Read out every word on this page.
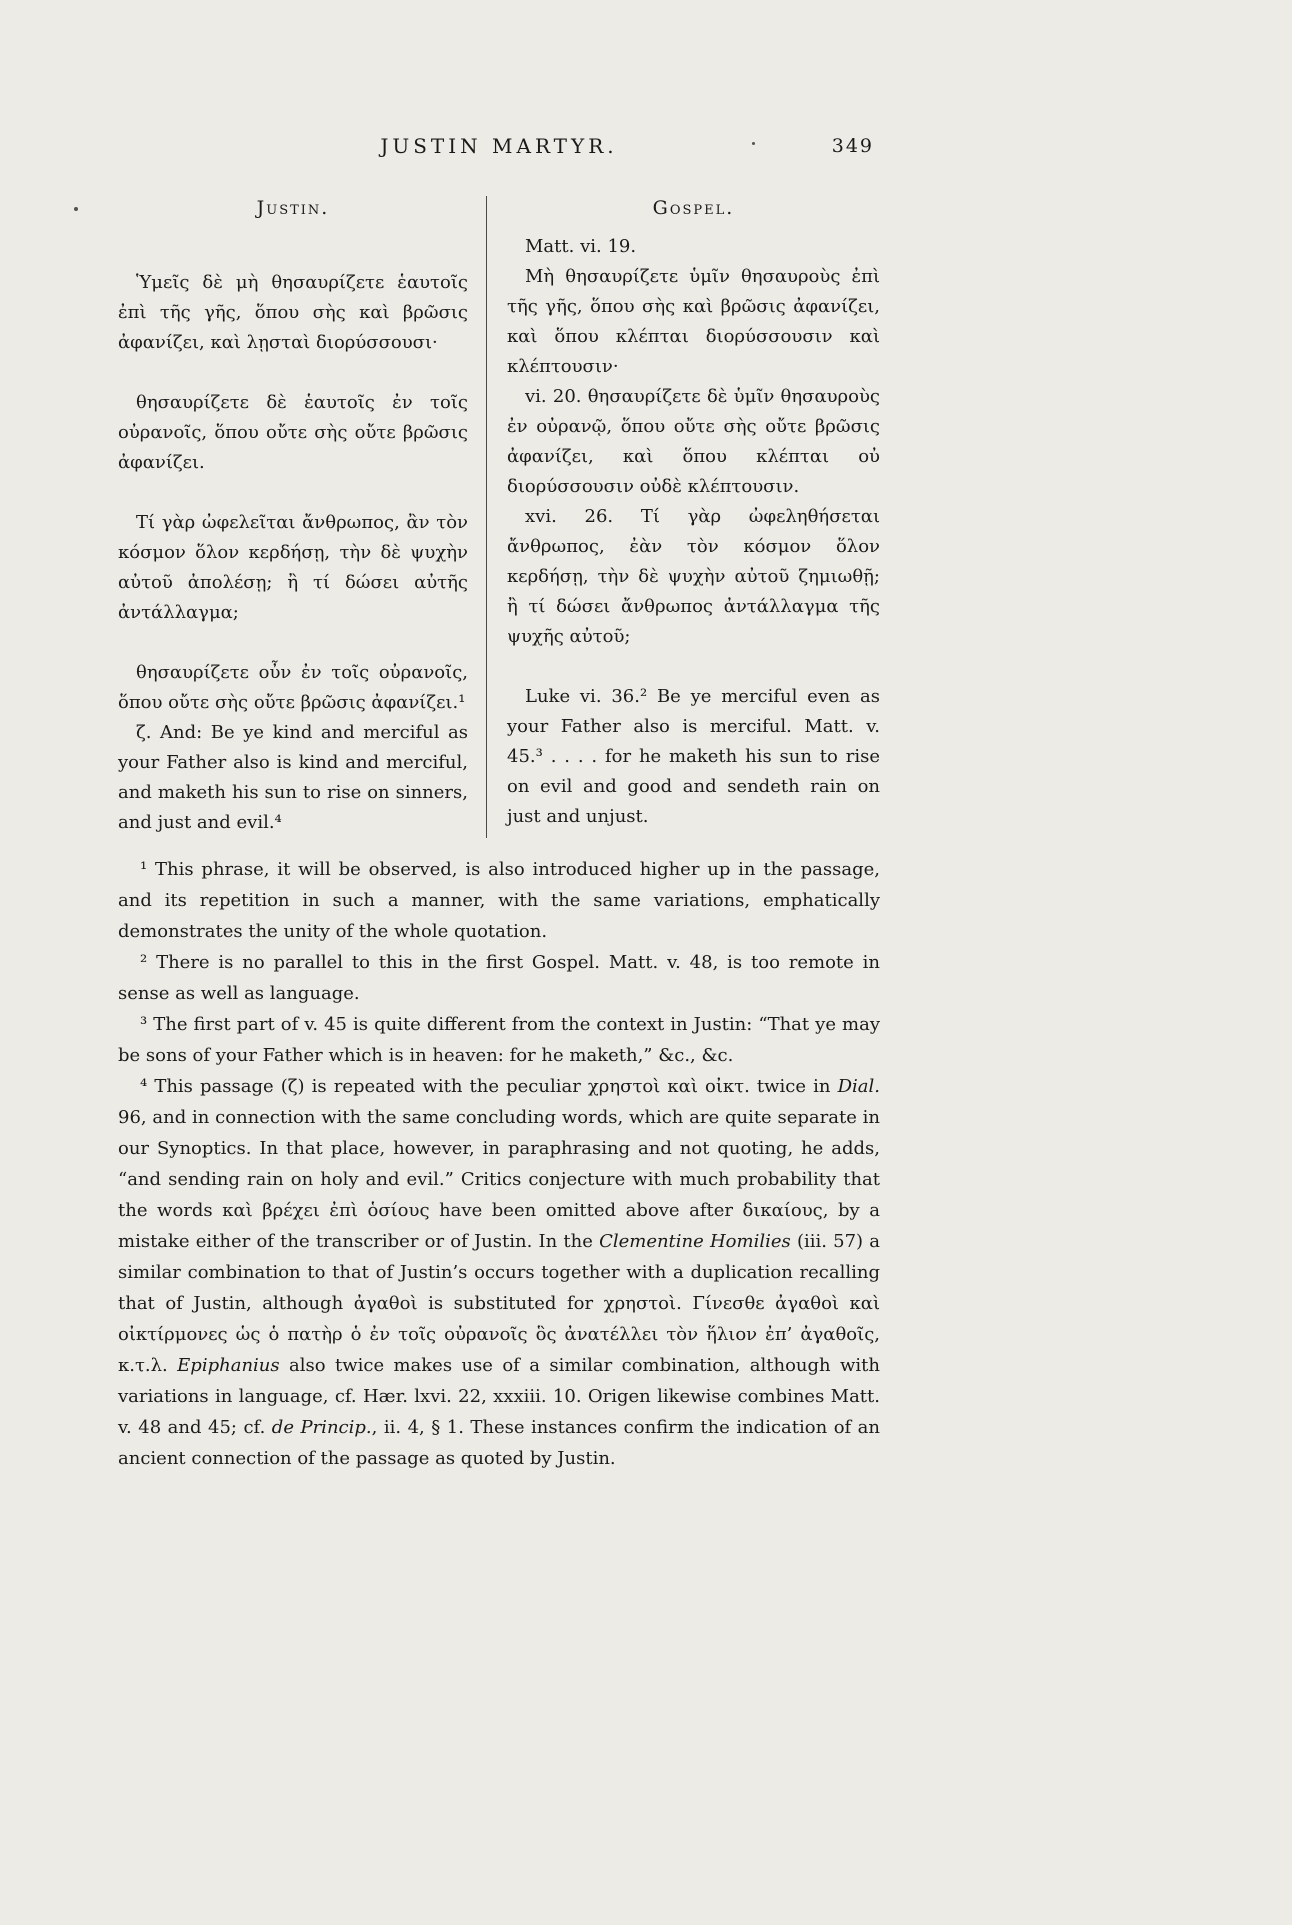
JUSTIN MARTYR.	349
Justin.

Ὑμεῖς δὲ μὴ θησαυρίζετε ἑαυτοῖς ἐπὶ τῆς γῆς, ὅπου σὴς καὶ βρῶσις ἀφανίζει, καὶ λῃσταὶ διορύσσουσι·

θησαυρίζετε δὲ ἑαυτοῖς ἐν τοῖς οὐρανοῖς, ὅπου οὔτε σὴς οὔτε βρῶσις ἀφανίζει.

Τί γὰρ ὠφελεῖται ἄνθρωπος, ἂν τὸν κόσμον ὅλον κερδήσῃ, τὴν δὲ ψυχὴν αὐτοῦ ἀπολέσῃ; ἢ τί δώσει αὐτῆς ἀντάλλαγμα;

θησαυρίζετε οὖν ἐν τοῖς οὐρανοῖς, ὅπου οὔτε σὴς οὔτε βρῶσις ἀφανίζει.¹

ζ. And: Be ye kind and merciful as your Father also is kind and merciful, and maketh his sun to rise on sinners, and just and evil.⁴

Gospel.

Matt. vi. 19.

Μὴ θησαυρίζετε ὑμῖν θησαυροὺς ἐπὶ τῆς γῆς, ὅπου σὴς καὶ βρῶσις ἀφανίζει, καὶ ὅπου κλέπται διορύσσουσιν καὶ κλέπτουσιν·

vi. 20. θησαυρίζετε δὲ ὑμῖν θησαυροὺς ἐν οὐρανῷ, ὅπου οὔτε σὴς οὔτε βρῶσις ἀφανίζει, καὶ ὅπου κλέπται οὐ διορύσσουσιν οὐδὲ κλέπτουσιν.

xvi. 26. Τί γὰρ ὠφεληθήσεται ἄνθρωπος, ἐὰν τὸν κόσμον ὅλον κερδήσῃ, τὴν δὲ ψυχὴν αὐτοῦ ζημιωθῇ; ἢ τί δώσει ἄνθρωπος ἀντάλλαγμα τῆς ψυχῆς αὐτοῦ;

Luke vi. 36.² Be ye merciful even as your Father also is merciful. Matt. v. 45.³ . . . . for he maketh his sun to rise on evil and good and sendeth rain on just and unjust.

¹ This phrase, it will be observed, is also introduced higher up in the passage, and its repetition in such a manner, with the same variations, emphatically demonstrates the unity of the whole quotation.

² There is no parallel to this in the first Gospel. Matt. v. 48, is too remote in sense as well as language.

³ The first part of v. 45 is quite different from the context in Justin: “That ye may be sons of your Father which is in heaven: for he maketh,” &c., &c.

⁴ This passage (ζ) is repeated with the peculiar χρηστοὶ καὶ οἰκτ. twice in Dial. 96, and in connection with the same concluding words, which are quite separate in our Synoptics. In that place, however, in paraphrasing and not quoting, he adds, “and sending rain on holy and evil.” Critics conjecture with much probability that the words καὶ βρέχει ἐπὶ ὁσίους have been omitted above after δικαίους, by a mistake either of the transcriber or of Justin. In the Clementine Homilies (iii. 57) a similar combination to that of Justin’s occurs together with a duplication recalling that of Justin, although ἀγαθοὶ is substituted for χρηστοὶ. Γίνεσθε ἀγαθοὶ καὶ οἰκτίρμονες ὡς ὁ πατὴρ ὁ ἐν τοῖς οὐρανοῖς ὃς ἀνατέλλει τὸν ἥλιον ἐπ’ ἀγαθοῖς, κ.τ.λ. Epiphanius also twice makes use of a similar combination, although with variations in language, cf. Hær. lxvi. 22, xxxiii. 10. Origen likewise combines Matt. v. 48 and 45; cf. de Princip., ii. 4, § 1. These instances confirm the indication of an ancient connection of the passage as quoted by Justin.
